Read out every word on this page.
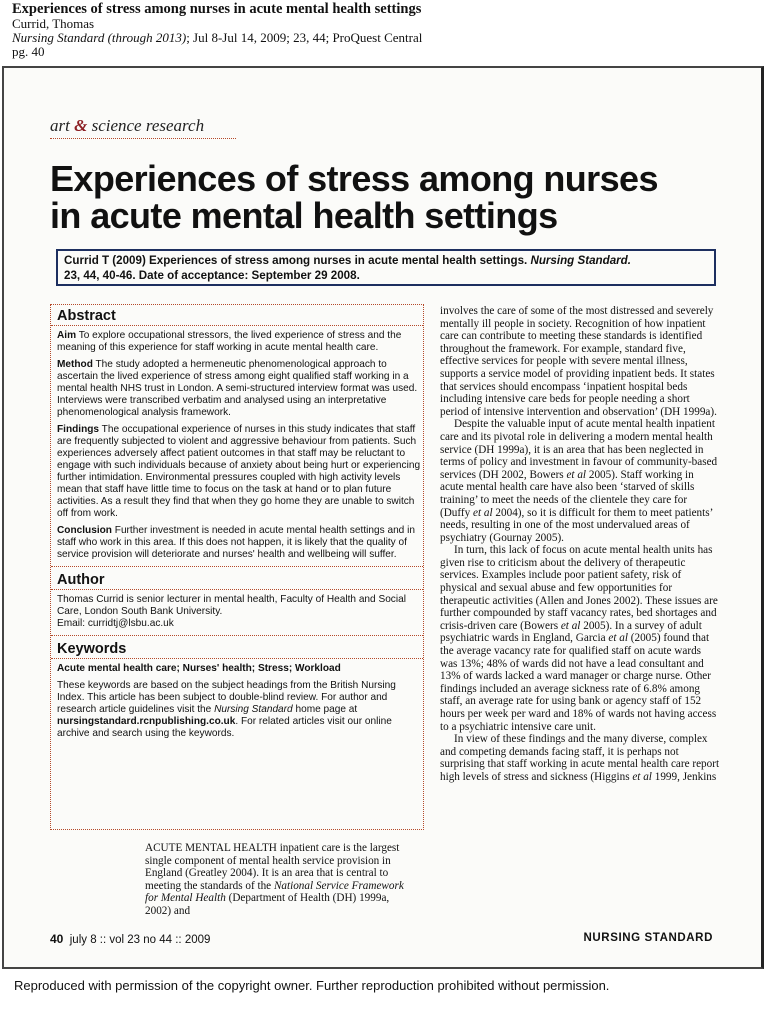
Experiences of stress among nurses in acute mental health settings
Currid, Thomas
Nursing Standard (through 2013); Jul 8-Jul 14, 2009; 23, 44; ProQuest Central
pg. 40
art & science research
Experiences of stress among nurses
in acute mental health settings
Currid T (2009) Experiences of stress among nurses in acute mental health settings. Nursing Standard.
23, 44, 40-46. Date of acceptance: September 29 2008.
Abstract

Aim To explore occupational stressors, the lived experience of stress and the meaning of this experience for staff working in acute mental health care.

Method The study adopted a hermeneutic phenomenological approach to ascertain the lived experience of stress among eight qualified staff working in a mental health NHS trust in London. A semi-structured interview format was used. Interviews were transcribed verbatim and analysed using an interpretative phenomenological analysis framework.

Findings The occupational experience of nurses in this study indicates that staff are frequently subjected to violent and aggressive behaviour from patients. Such experiences adversely affect patient outcomes in that staff may be reluctant to engage with such individuals because of anxiety about being hurt or experiencing further intimidation. Environmental pressures coupled with high activity levels mean that staff have little time to focus on the task at hand or to plan future activities. As a result they find that when they go home they are unable to switch off from work.

Conclusion Further investment is needed in acute mental health settings and in staff who work in this area. If this does not happen, it is likely that the quality of service provision will deteriorate and nurses' health and wellbeing will suffer.

Author

Thomas Currid is senior lecturer in mental health, Faculty of Health and Social Care, London South Bank University.
Email: curridtj@lsbu.ac.uk

Keywords

Acute mental health care; Nurses' health; Stress; Workload

These keywords are based on the subject headings from the British Nursing Index. This article has been subject to double-blind review. For author and research article guidelines visit the Nursing Standard home page at nursingstandard.rcnpublishing.co.uk. For related articles visit our online archive and search using the keywords.

ACUTE MENTAL HEALTH inpatient care is the largest single component of mental health service provision in England (Greatley 2004). It is an area that is central to meeting the standards of the National Service Framework for Mental Health (Department of Health (DH) 1999a, 2002) and

involves the care of some of the most distressed and severely mentally ill people in society. Recognition of how inpatient care can contribute to meeting these standards is identified throughout the framework. For example, standard five, effective services for people with severe mental illness, supports a service model of providing inpatient beds. It states that services should encompass ‘inpatient hospital beds including intensive care beds for people needing a short period of intensive intervention and observation’ (DH 1999a).

Despite the valuable input of acute mental health inpatient care and its pivotal role in delivering a modern mental health service (DH 1999a), it is an area that has been neglected in terms of policy and investment in favour of community-based services (DH 2002, Bowers et al 2005). Staff working in acute mental health care have also been ‘starved of skills training’ to meet the needs of the clientele they care for (Duffy et al 2004), so it is difficult for them to meet patients’ needs, resulting in one of the most undervalued areas of psychiatry (Gournay 2005).

In turn, this lack of focus on acute mental health units has given rise to criticism about the delivery of therapeutic services. Examples include poor patient safety, risk of physical and sexual abuse and few opportunities for therapeutic activities (Allen and Jones 2002). These issues are further compounded by staff vacancy rates, bed shortages and crisis-driven care (Bowers et al 2005). In a survey of adult psychiatric wards in England, Garcia et al (2005) found that the average vacancy rate for qualified staff on acute wards was 13%; 48% of wards did not have a lead consultant and 13% of wards lacked a ward manager or charge nurse. Other findings included an average sickness rate of 6.8% among staff, an average rate for using bank or agency staff of 152 hours per week per ward and 18% of wards not having access to a psychiatric intensive care unit.

In view of these findings and the many diverse, complex and competing demands facing staff, it is perhaps not surprising that staff working in acute mental health care report high levels of stress and sickness (Higgins et al 1999, Jenkins

40 july 8 :: vol 23 no 44 :: 2009	NURSING STANDARD
Reproduced with permission of the copyright owner. Further reproduction prohibited without permission.
